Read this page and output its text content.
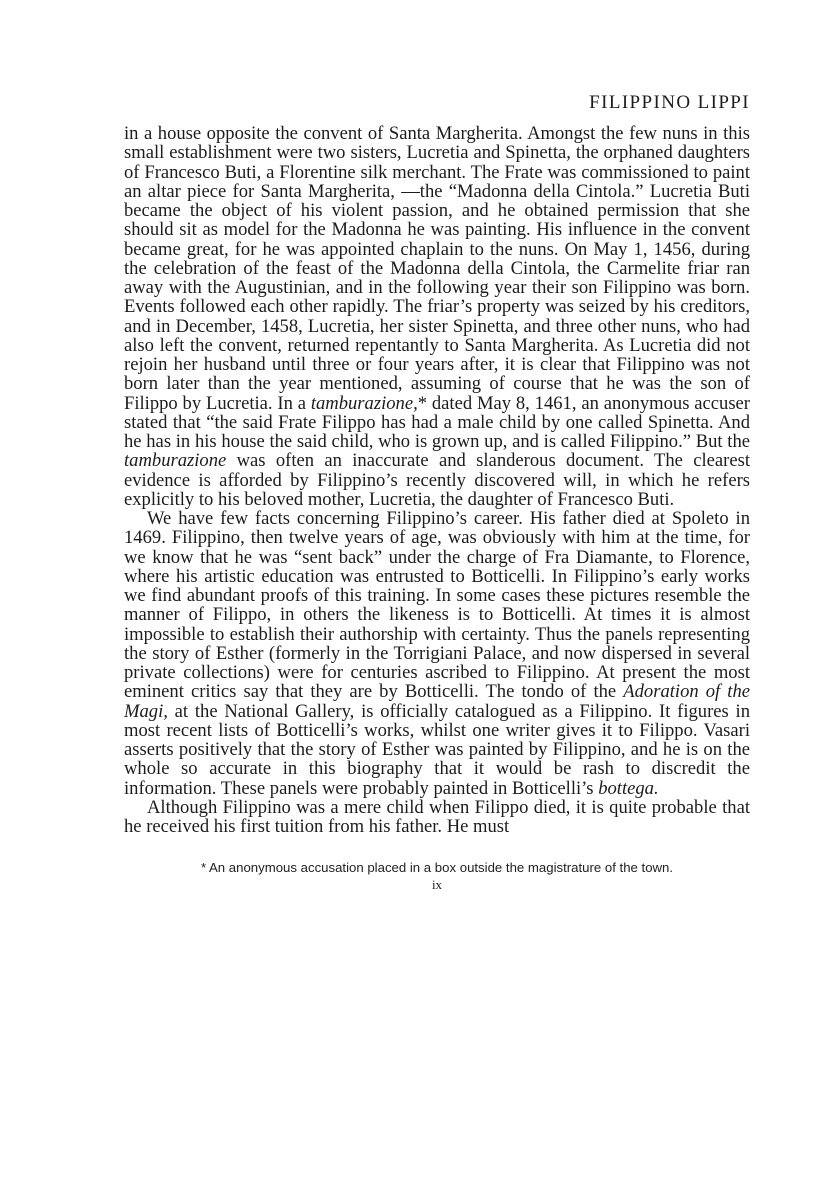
FILIPPINO LIPPI

in a house opposite the convent of Santa Margherita. Amongst the few nuns in this small establishment were two sisters, Lucretia and Spinetta, the orphaned daughters of Francesco Buti, a Florentine silk merchant. The Frate was commissioned to paint an altar piece for Santa Margherita, —the “Madonna della Cintola.” Lucretia Buti became the object of his violent passion, and he obtained permission that she should sit as model for the Madonna he was painting. His influence in the convent became great, for he was appointed chaplain to the nuns. On May 1, 1456, during the celebration of the feast of the Madonna della Cintola, the Carmelite friar ran away with the Augustinian, and in the following year their son Filippino was born. Events followed each other rapidly. The friar’s property was seized by his creditors, and in December, 1458, Lucretia, her sister Spinetta, and three other nuns, who had also left the convent, returned repentantly to Santa Margherita. As Lucretia did not rejoin her husband until three or four years after, it is clear that Filippino was not born later than the year mentioned, assuming of course that he was the son of Filippo by Lucretia. In a tamburazione,* dated May 8, 1461, an anonymous accuser stated that “the said Frate Filippo has had a male child by one called Spinetta. And he has in his house the said child, who is grown up, and is called Filippino.” But the tamburazione was often an inaccurate and slanderous document. The clearest evidence is afforded by Filippino’s recently discovered will, in which he refers explicitly to his beloved mother, Lucretia, the daughter of Francesco Buti.

We have few facts concerning Filippino’s career. His father died at Spoleto in 1469. Filippino, then twelve years of age, was obviously with him at the time, for we know that he was “sent back” under the charge of Fra Diamante, to Florence, where his artistic education was entrusted to Botticelli. In Filippino’s early works we find abundant proofs of this training. In some cases these pictures resemble the manner of Filippo, in others the likeness is to Botticelli. At times it is almost impossible to establish their authorship with certainty. Thus the panels representing the story of Esther (formerly in the Torrigiani Palace, and now dispersed in several private collections) were for centuries ascribed to Filippino. At present the most eminent critics say that they are by Botticelli. The tondo of the Adoration of the Magi, at the National Gallery, is officially catalogued as a Filippino. It figures in most recent lists of Botticelli’s works, whilst one writer gives it to Filippo. Vasari asserts positively that the story of Esther was painted by Filippino, and he is on the whole so accurate in this biography that it would be rash to discredit the information. These panels were probably painted in Botticelli’s bottega.

Although Filippino was a mere child when Filippo died, it is quite probable that he received his first tuition from his father. He must

* An anonymous accusation placed in a box outside the magistrature of the town.
ix
